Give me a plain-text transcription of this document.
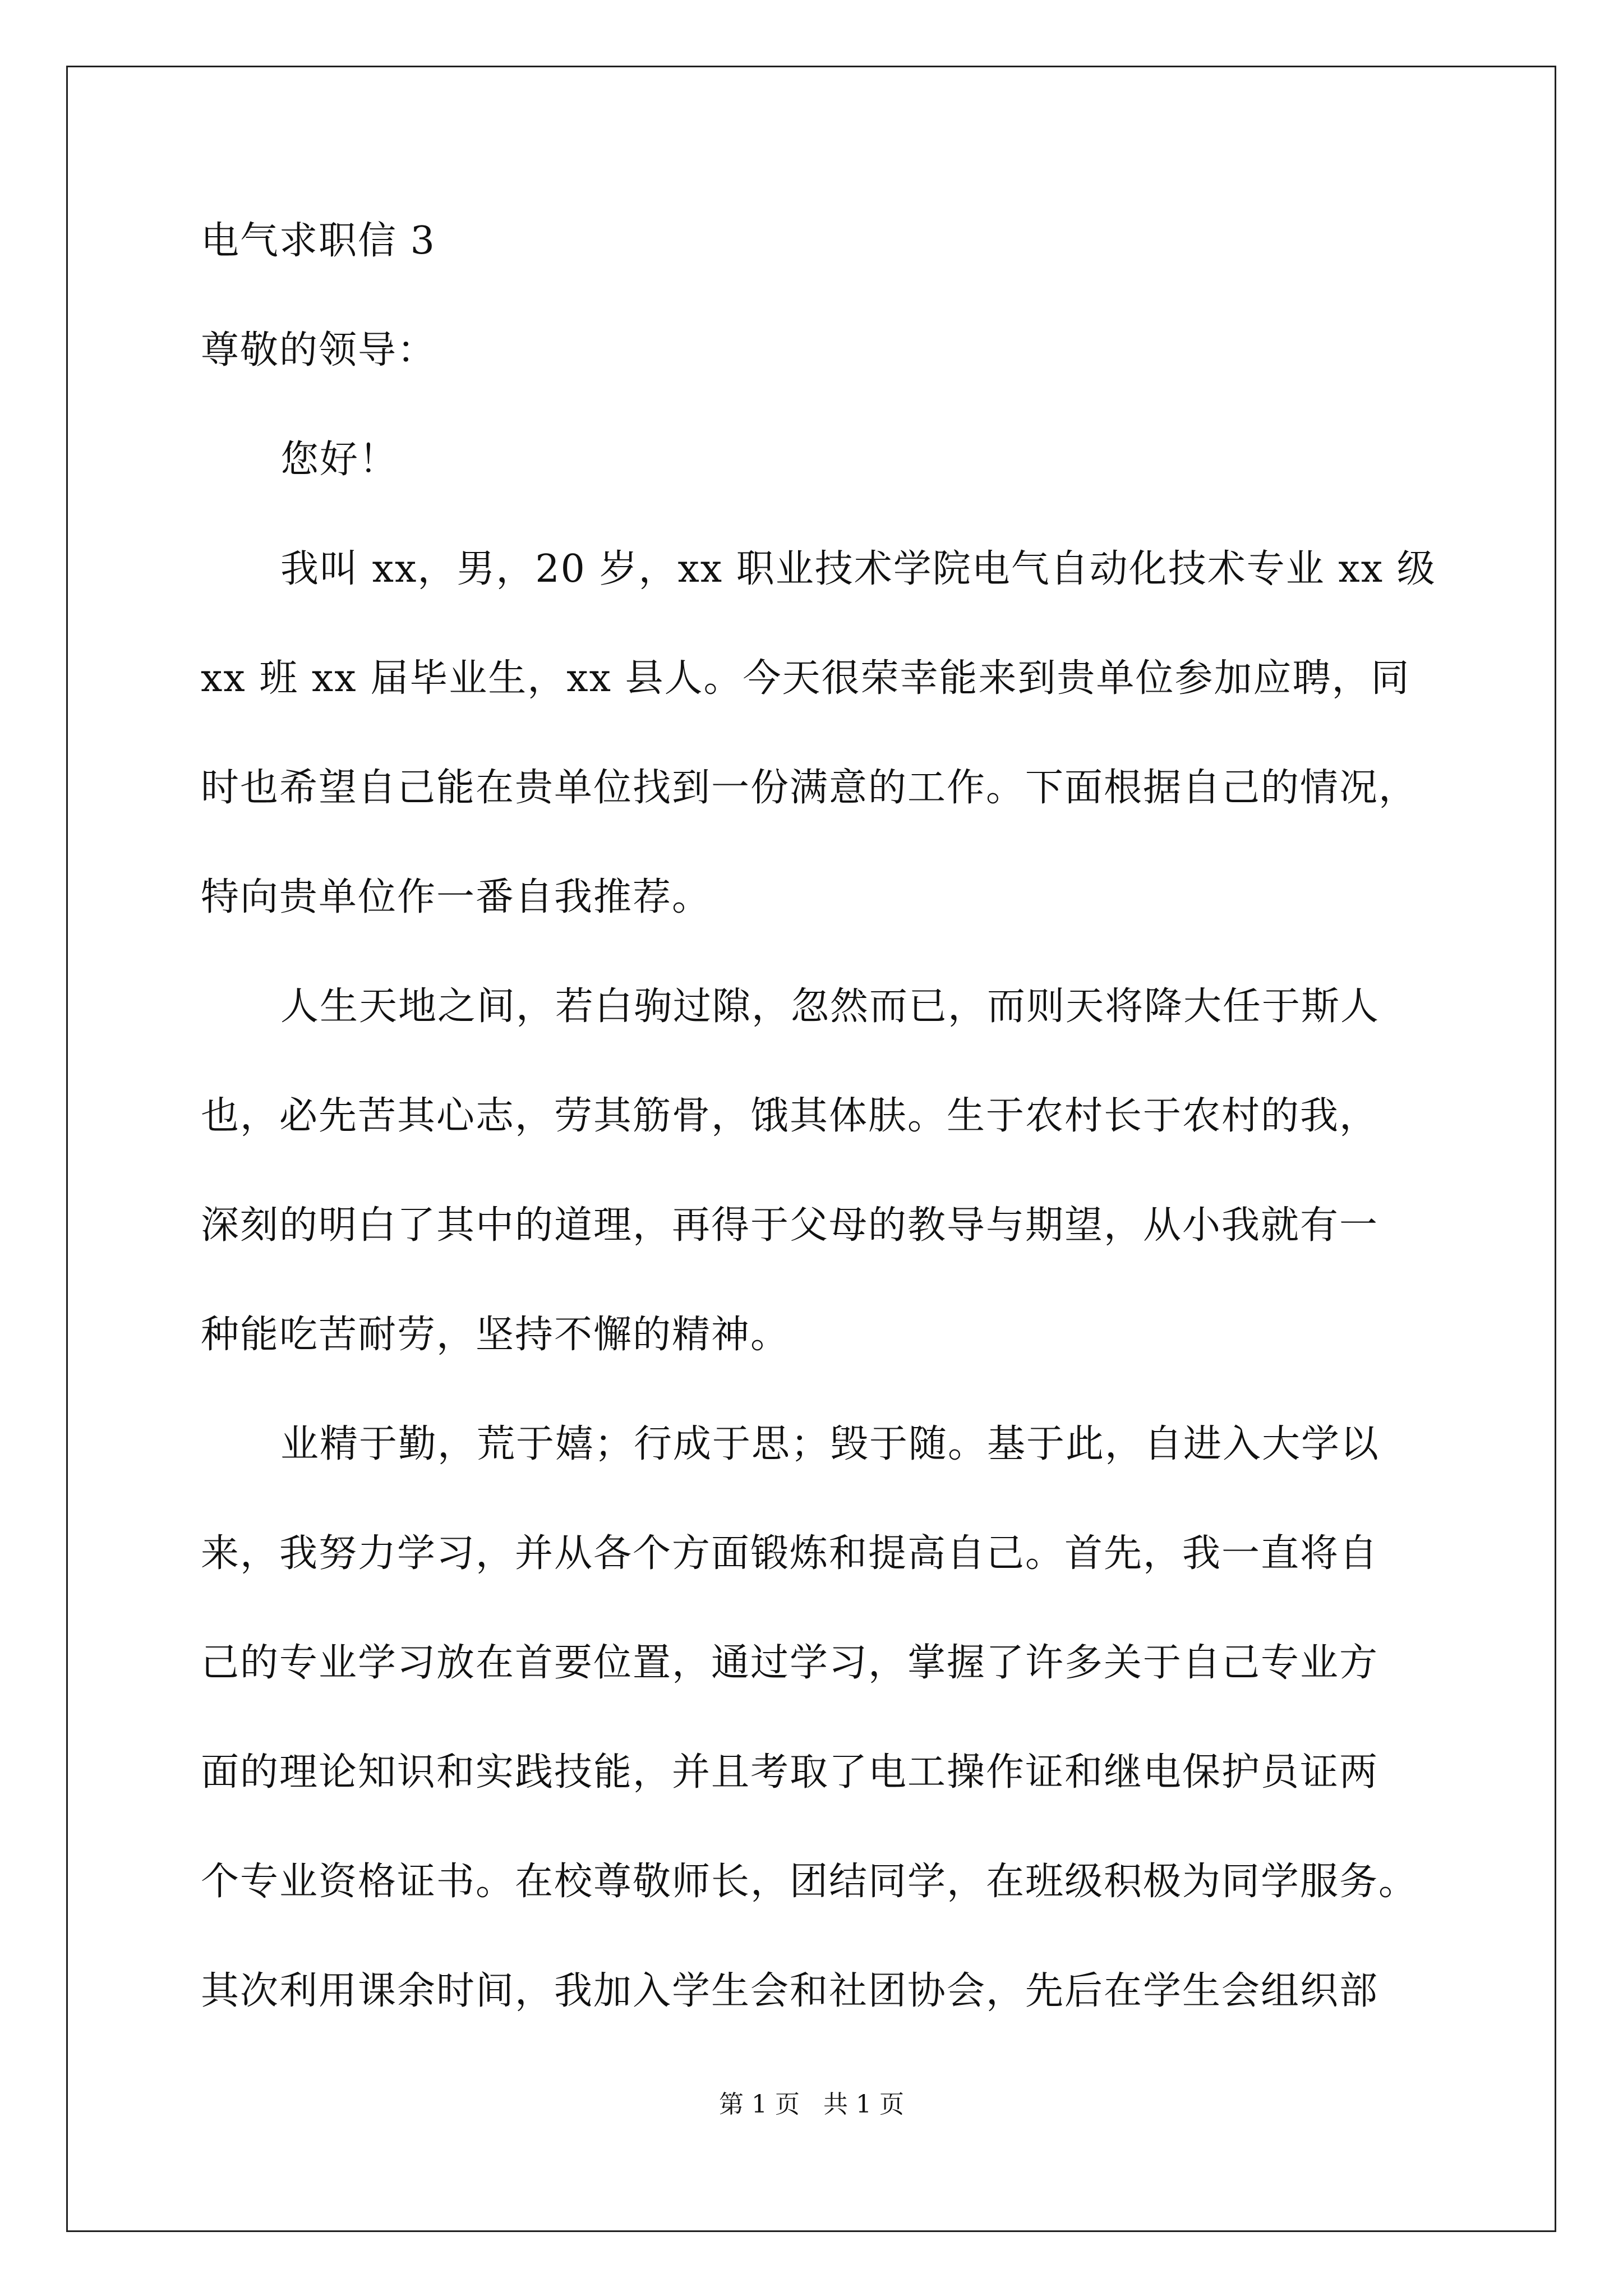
电气求职信 3
尊敬的领导：
您好！
我叫 xx，男，20 岁，xx 职业技术学院电气自动化技术专业 xx 级
xx 班 xx 届毕业生，xx 县人。今天很荣幸能来到贵单位参加应聘，同
时也希望自己能在贵单位找到一份满意的工作。下面根据自己的情况，
特向贵单位作一番自我推荐。
人生天地之间，若白驹过隙，忽然而已，而则天将降大任于斯人
也，必先苦其心志，劳其筋骨，饿其体肤。生于农村长于农村的我，
深刻的明白了其中的道理，再得于父母的教导与期望，从小我就有一
种能吃苦耐劳，坚持不懈的精神。
业精于勤，荒于嬉；行成于思；毁于随。基于此，自进入大学以
来，我努力学习，并从各个方面锻炼和提高自己。首先，我一直将自
己的专业学习放在首要位置，通过学习，掌握了许多关于自己专业方
面的理论知识和实践技能，并且考取了电工操作证和继电保护员证两
个专业资格证书。在校尊敬师长，团结同学，在班级积极为同学服务。
其次利用课余时间，我加入学生会和社团协会，先后在学生会组织部
第 1 页   共 1 页
